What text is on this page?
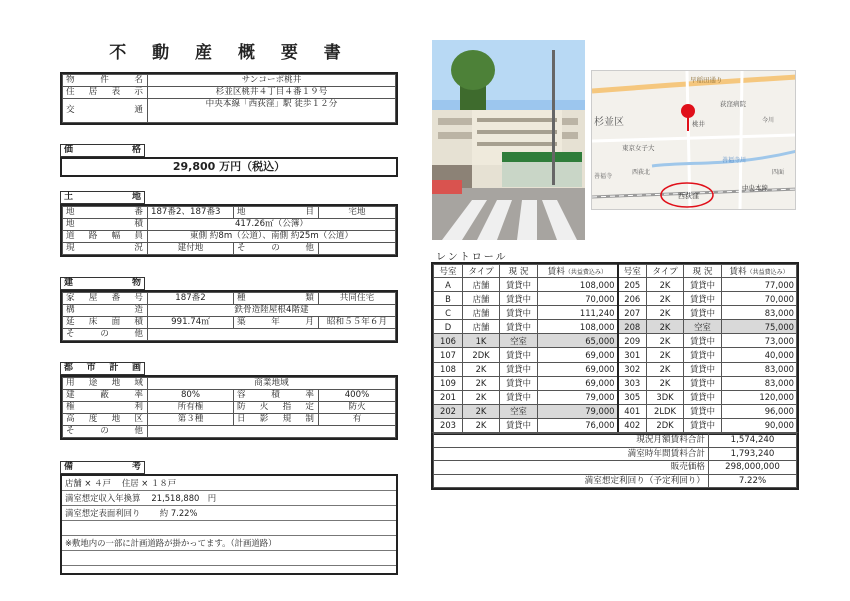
不 動 産 概 要 書
物件名	サンコーポ桃井
住居表示	杉並区桃井４丁目４番１９号
交通	中央本線「西荻窪」駅 徒歩１２分
価格
29,800 万円（税込）
土地
地番	187番2、187番3	地目	宅地
地積	417.26㎡（公簿）		
道路幅員	東側 約8m（公道）、南側 約25m（公道）		
現況	建付地	その他	
建物
家屋番号	187番2	種類	共同住宅
構造	鉄骨造陸屋根4階建		
延床面積	991.74㎡	築年月	昭和５５年６月
その他			
都市計画
用途地域	商業地域		
建蔽率	80%	容積率	400%
権利	所有権	防火指定	防火
高度地区	第３種	日影規制	有
その他			
備考
店舗 × ４戸　 住居 × １８戸
満室想定収入年換算　 21,518,880　円
満室想定表面利回り　　 約 7.22%
※敷地内の一部に計画道路が掛かってます。（計画道路）
杉並区
早稲田通り
荻窪病院
桃井
東京女子大
西荻窪
中央本線
善福寺川
今川
西荻北
善福寺
四面
レントロール
号室	タイプ	現 況	賃料（共益費込み）	号室	タイプ	現 況	賃料（共益費込み）
A	店舗	賃貸中	108,000	205	2K	賃貸中	77,000
B	店舗	賃貸中	70,000	206	2K	賃貸中	70,000
C	店舗	賃貸中	111,240	207	2K	賃貸中	83,000
D	店舗	賃貸中	108,000	208	2K	空室	75,000
106	1K	空室	65,000	209	2K	賃貸中	73,000
107	2DK	賃貸中	69,000	301	2K	賃貸中	40,000
108	2K	賃貸中	69,000	302	2K	賃貸中	83,000
109	2K	賃貸中	69,000	303	2K	賃貸中	83,000
201	2K	賃貸中	79,000	305	3DK	賃貸中	120,000
202	2K	空室	79,000	401	2LDK	賃貸中	96,000
203	2K	賃貸中	76,000	402	2DK	賃貸中	90,000
現況月額賃料合計	1,574,240
満室時年間賃料合計	1,793,240
販売価格	298,000,000
満室想定利回り（予定利回り）	7.22%
